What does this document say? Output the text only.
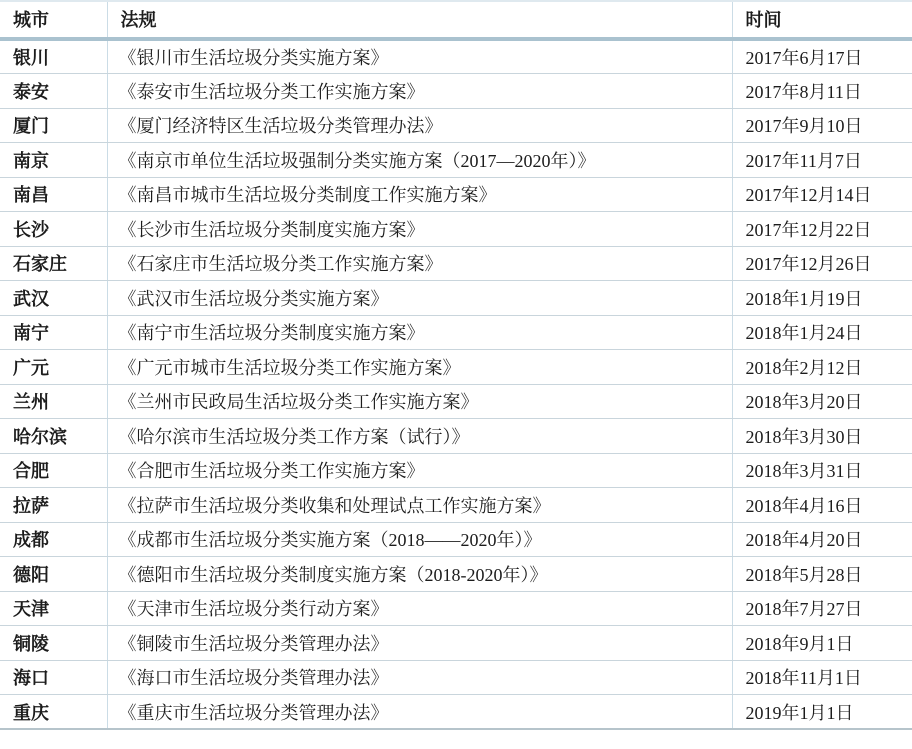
城市	法规	时间
银川	《银川市生活垃圾分类实施方案》	2017年6月17日
泰安	《泰安市生活垃圾分类工作实施方案》	2017年8月11日
厦门	《厦门经济特区生活垃圾分类管理办法》	2017年9月10日
南京	《南京市单位生活垃圾强制分类实施方案（2017—2020年）》	2017年11月7日
南昌	《南昌市城市生活垃圾分类制度工作实施方案》	2017年12月14日
长沙	《长沙市生活垃圾分类制度实施方案》	2017年12月22日
石家庄	《石家庄市生活垃圾分类工作实施方案》	2017年12月26日
武汉	《武汉市生活垃圾分类实施方案》	2018年1月19日
南宁	《南宁市生活垃圾分类制度实施方案》	2018年1月24日
广元	《广元市城市生活垃圾分类工作实施方案》	2018年2月12日
兰州	《兰州市民政局生活垃圾分类工作实施方案》	2018年3月20日
哈尔滨	《哈尔滨市生活垃圾分类工作方案（试行）》	2018年3月30日
合肥	《合肥市生活垃圾分类工作实施方案》	2018年3月31日
拉萨	《拉萨市生活垃圾分类收集和处理试点工作实施方案》	2018年4月16日
成都	《成都市生活垃圾分类实施方案（2018——2020年）》	2018年4月20日
德阳	《德阳市生活垃圾分类制度实施方案（2018-2020年）》	2018年5月28日
天津	《天津市生活垃圾分类行动方案》	2018年7月27日
铜陵	《铜陵市生活垃圾分类管理办法》	2018年9月1日
海口	《海口市生活垃圾分类管理办法》	2018年11月1日
重庆	《重庆市生活垃圾分类管理办法》	2019年1月1日
